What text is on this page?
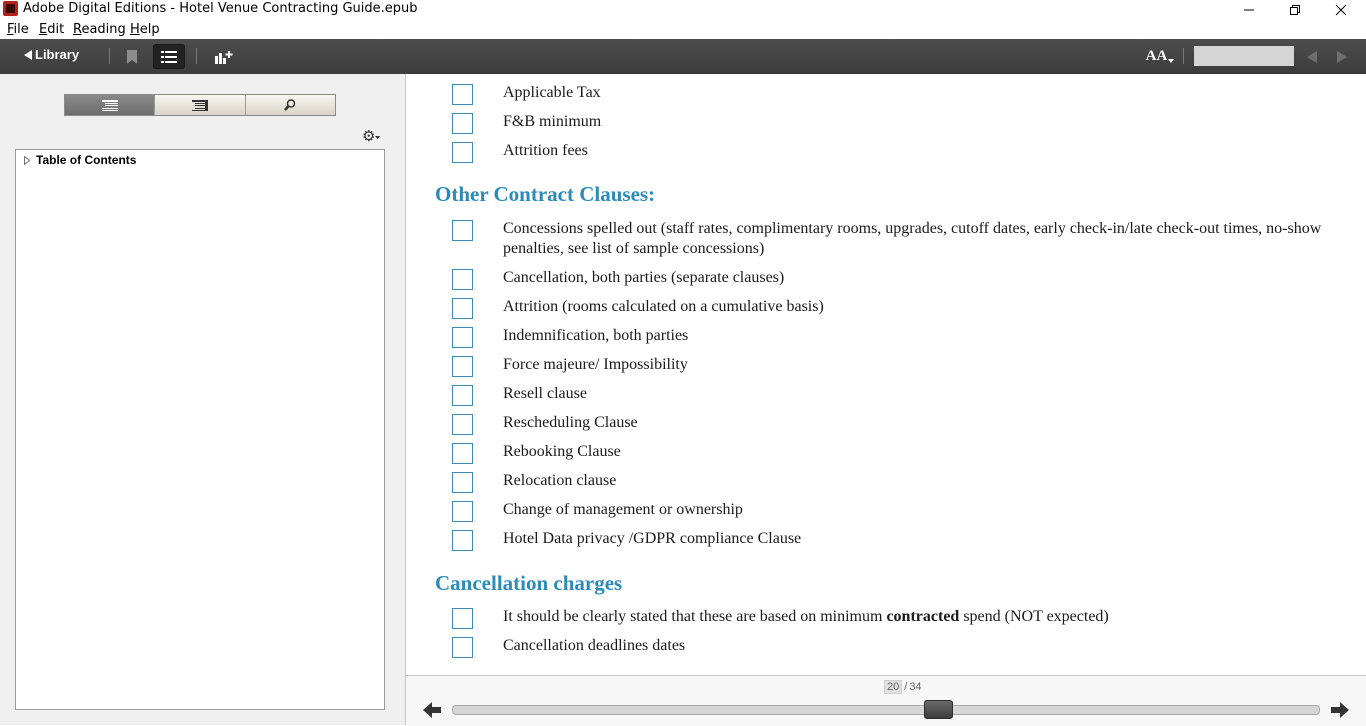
Adobe Digital Editions - Hotel Venue Contracting Guide.epub
File Edit Reading Help
Library	AA
⚙
Table of Contents
Applicable Tax
F&B minimum
Attrition fees
Other Contract Clauses:
Concessions spelled out (staff rates, complimentary rooms, upgrades, cutoff dates, early check-in/late check-out times, no-show penalties, see list of sample concessions)
Cancellation, both parties (separate clauses)
Attrition (rooms calculated on a cumulative basis)
Indemnification, both parties
Force majeure/ Impossibility
Resell clause
Rescheduling Clause
Rebooking Clause
Relocation clause
Change of management or ownership
Hotel Data privacy /GDPR compliance Clause
Cancellation charges
It should be clearly stated that these are based on minimum contracted spend (NOT expected)
Cancellation deadlines dates
20 / 34
